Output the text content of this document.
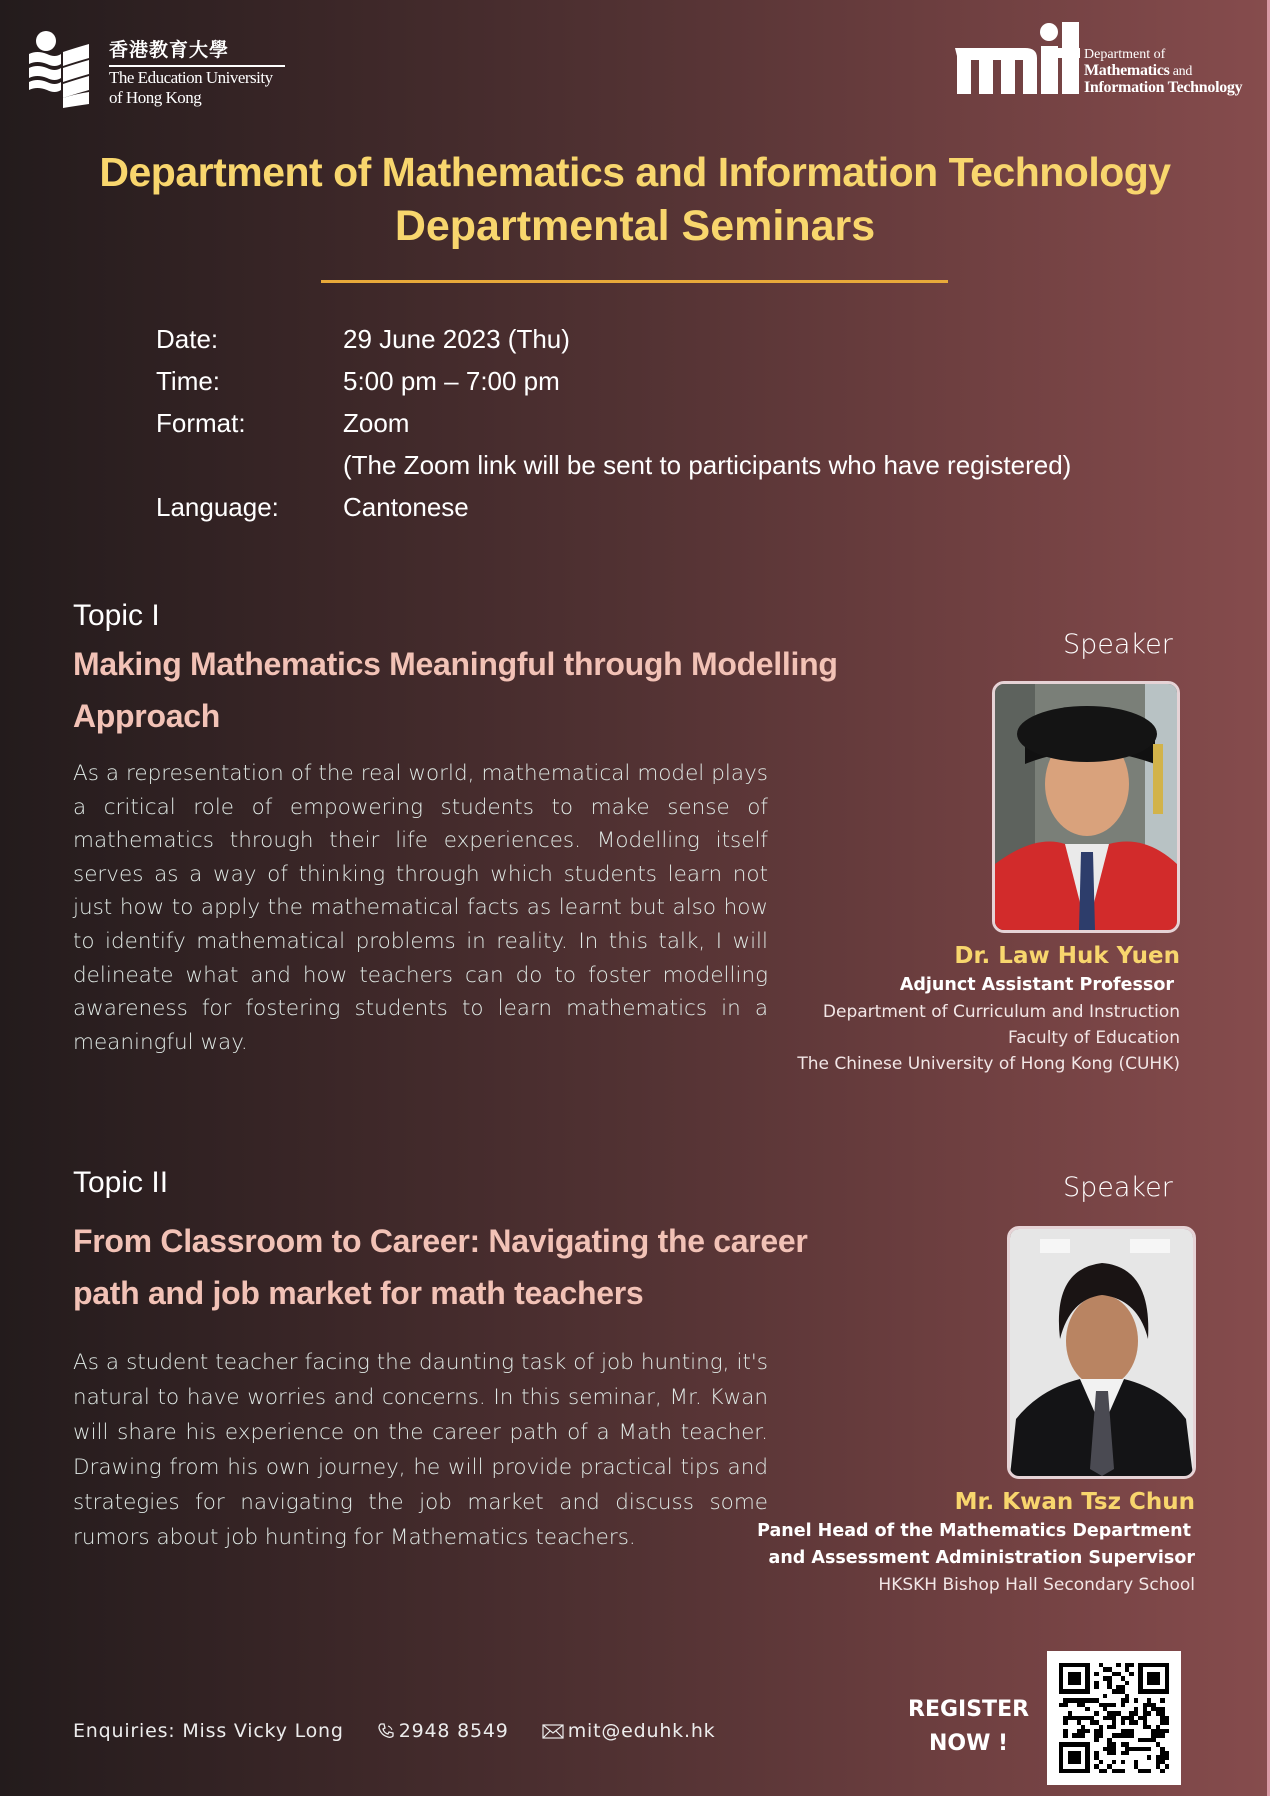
香港教育大學
The Education University
of Hong Kong
Department of
Mathematics and
Information Technology
Department of Mathematics and Information Technology
Departmental Seminars
Date:	29 June 2023 (Thu)
Time:	5:00 pm – 7:00 pm
Format:	Zoom
(The Zoom link will be sent to participants who have registered)
Language:	Cantonese
Topic I
Making Mathematics Meaningful through Modelling
Approach
As a representation of the real world, mathematical model plays a critical role of empowering students to make sense of mathematics through their life experiences. Modelling itself serves as a way of thinking through which students learn not just how to apply the mathematical facts as learnt but also how to identify mathematical problems in reality. In this talk, I will delineate what and how teachers can do to foster modelling awareness for fostering students to learn mathematics in a meaningful way.
Speaker
Dr. Law Huk Yuen
Adjunct Assistant Professor
Department of Curriculum and Instruction
Faculty of Education
The Chinese University of Hong Kong (CUHK)
Topic II
From Classroom to Career: Navigating the career
path and job market for math teachers
As a student teacher facing the daunting task of job hunting, it's natural to have worries and concerns. In this seminar, Mr. Kwan will share his experience on the career path of a Math teacher. Drawing from his own journey, he will provide practical tips and strategies for navigating the job market and discuss some rumors about job hunting for Mathematics teachers.
Speaker
Mr. Kwan Tsz Chun
Panel Head of the Mathematics Department
and Assessment Administration Supervisor
HKSKH Bishop Hall Secondary School
Enquiries: Miss Vicky Long	2948 8549	mit@eduhk.hk
REGISTER
NOW !
